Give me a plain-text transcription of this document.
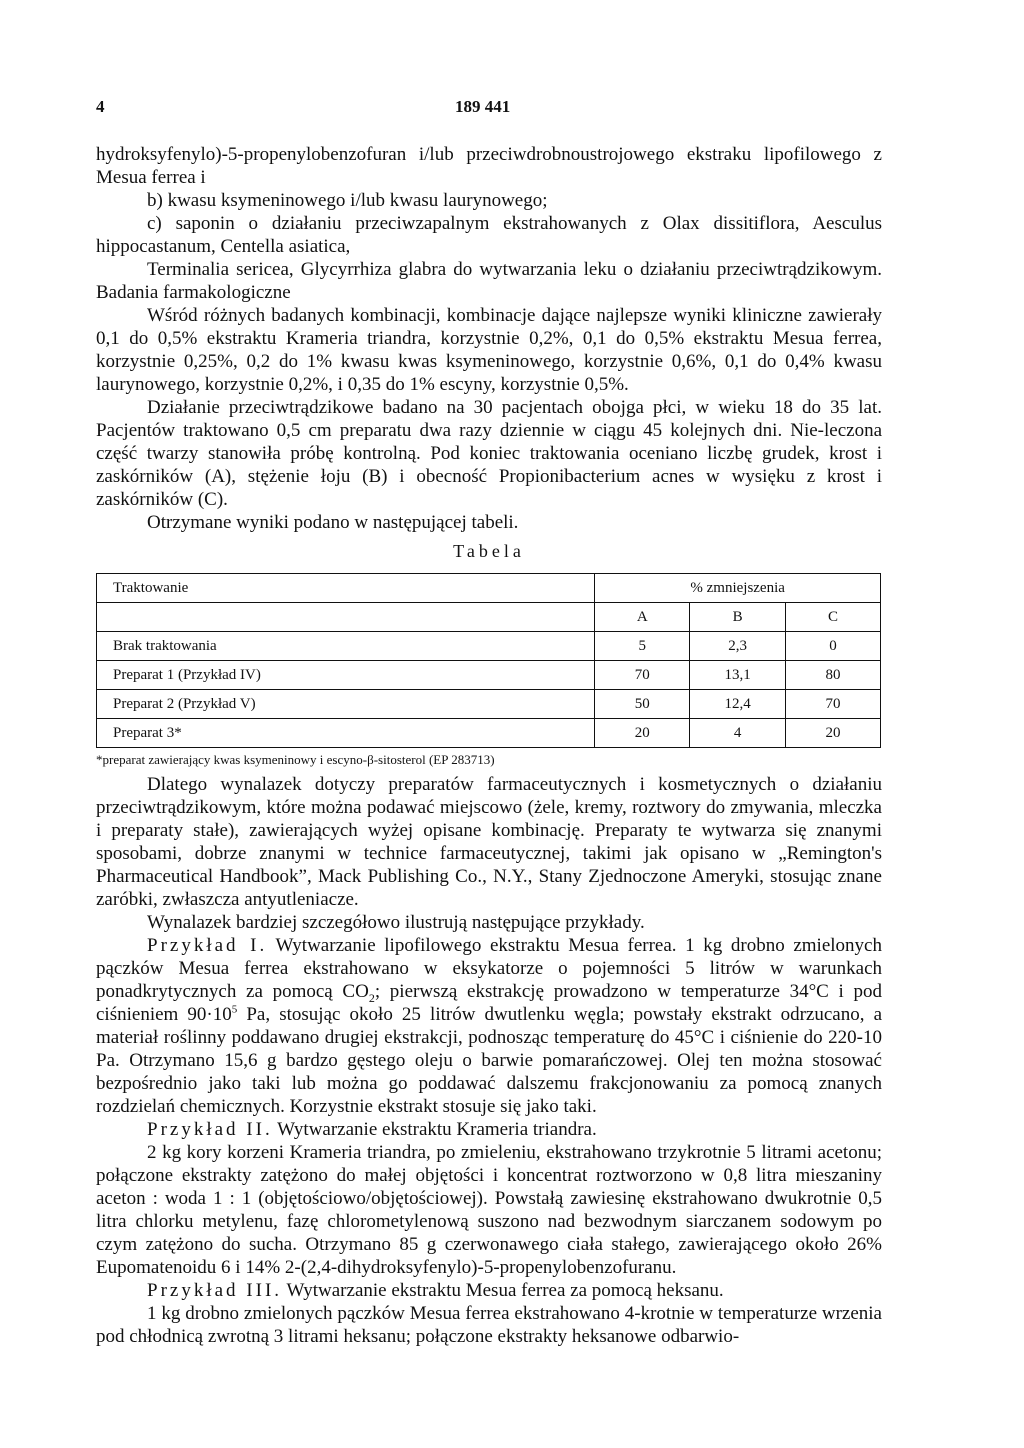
4	189 441

hydroksyfenylo)-5-propenylobenzofuran i/lub przeciwdrobnoustrojowego ekstraku lipofilowego z Mesua ferrea i

b) kwasu ksymeninowego i/lub kwasu laurynowego;

c) saponin o działaniu przeciwzapalnym ekstrahowanych z Olax dissitiflora, Aesculus hippocastanum, Centella asiatica,

Terminalia sericea, Glycyrrhiza glabra do wytwarzania leku o działaniu przeciwtrądzikowym. Badania farmakologiczne

Wśród różnych badanych kombinacji, kombinacje dające najlepsze wyniki kliniczne zawierały 0,1 do 0,5% ekstraktu Krameria triandra, korzystnie 0,2%, 0,1 do 0,5% ekstraktu Mesua ferrea, korzystnie 0,25%, 0,2 do 1% kwasu kwas ksymeninowego, korzystnie 0,6%, 0,1 do 0,4% kwasu laurynowego, korzystnie 0,2%, i 0,35 do 1% escyny, korzystnie 0,5%.

Działanie przeciwtrądzikowe badano na 30 pacjentach obojga płci, w wieku 18 do 35 lat. Pacjentów traktowano 0,5 cm preparatu dwa razy dziennie w ciągu 45 kolejnych dni. Nie-leczona część twarzy stanowiła próbę kontrolną. Pod koniec traktowania oceniano liczbę grudek, krost i zaskórników (A), stężenie łoju (B) i obecność Propionibacterium acnes w wysięku z krost i zaskórników (C).

Otrzymane wyniki podano w następującej tabeli.

Tabela

Traktowanie	% zmniejszenia		
	A	B	C
Brak traktowania	5	2,3	0
Preparat 1 (Przykład IV)	70	13,1	80
Preparat 2 (Przykład V)	50	12,4	70
Preparat 3*	20	4	20

*preparat zawierający kwas ksymeninowy i escyno-β-sitosterol (EP 283713)

Dlatego wynalazek dotyczy preparatów farmaceutycznych i kosmetycznych o działaniu przeciwtrądzikowym, które można podawać miejscowo (żele, kremy, roztwory do zmywania, mleczka i preparaty stałe), zawierających wyżej opisane kombinację. Preparaty te wytwarza się znanymi sposobami, dobrze znanymi w technice farmaceutycznej, takimi jak opisano w „Remington's Pharmaceutical Handbook”, Mack Publishing Co., N.Y., Stany Zjednoczone Ameryki, stosując znane zaróbki, zwłaszcza antyutleniacze.

Wynalazek bardziej szczegółowo ilustrują następujące przykłady.

Przykład I. Wytwarzanie lipofilowego ekstraktu Mesua ferrea. 1 kg drobno zmielonych pączków Mesua ferrea ekstrahowano w eksykatorze o pojemności 5 litrów w warunkach ponadkrytycznych za pomocą $CO_2$; pierwszą ekstrakcję prowadzono w temperaturze 34°C i pod ciśnieniem $90\cdot 10^5$ Pa, stosując około 25 litrów dwutlenku węgla; powstały ekstrakt odrzucano, a materiał roślinny poddawano drugiej ekstrakcji, podnosząc temperaturę do 45°C i ciśnienie do 220-10 Pa. Otrzymano 15,6 g bardzo gęstego oleju o barwie pomarańczowej. Olej ten można stosować bezpośrednio jako taki lub można go poddawać dalszemu frakcjonowaniu za pomocą znanych rozdzielań chemicznych. Korzystnie ekstrakt stosuje się jako taki.

Przykład II. Wytwarzanie ekstraktu Krameria triandra.

2 kg kory korzeni Krameria triandra, po zmieleniu, ekstrahowano trzykrotnie 5 litrami acetonu; połączone ekstrakty zatężono do małej objętości i koncentrat roztworzono w 0,8 litra mieszaniny aceton : woda 1 : 1 (objętościowo/objętościowej). Powstałą zawiesinę ekstrahowano dwukrotnie 0,5 litra chlorku metylenu, fazę chlorometylenową suszono nad bezwodnym siarczanem sodowym po czym zatężono do sucha. Otrzymano 85 g czerwonawego ciała stałego, zawierającego około 26% Eupomatenoidu 6 i 14% 2-(2,4-dihydroksyfenylo)-5-propenylobenzofuranu.

Przykład III. Wytwarzanie ekstraktu Mesua ferrea za pomocą heksanu.

1 kg drobno zmielonych pączków Mesua ferrea ekstrahowano 4-krotnie w temperaturze wrzenia pod chłodnicą zwrotną 3 litrami heksanu; połączone ekstrakty heksanowe odbarwio-
